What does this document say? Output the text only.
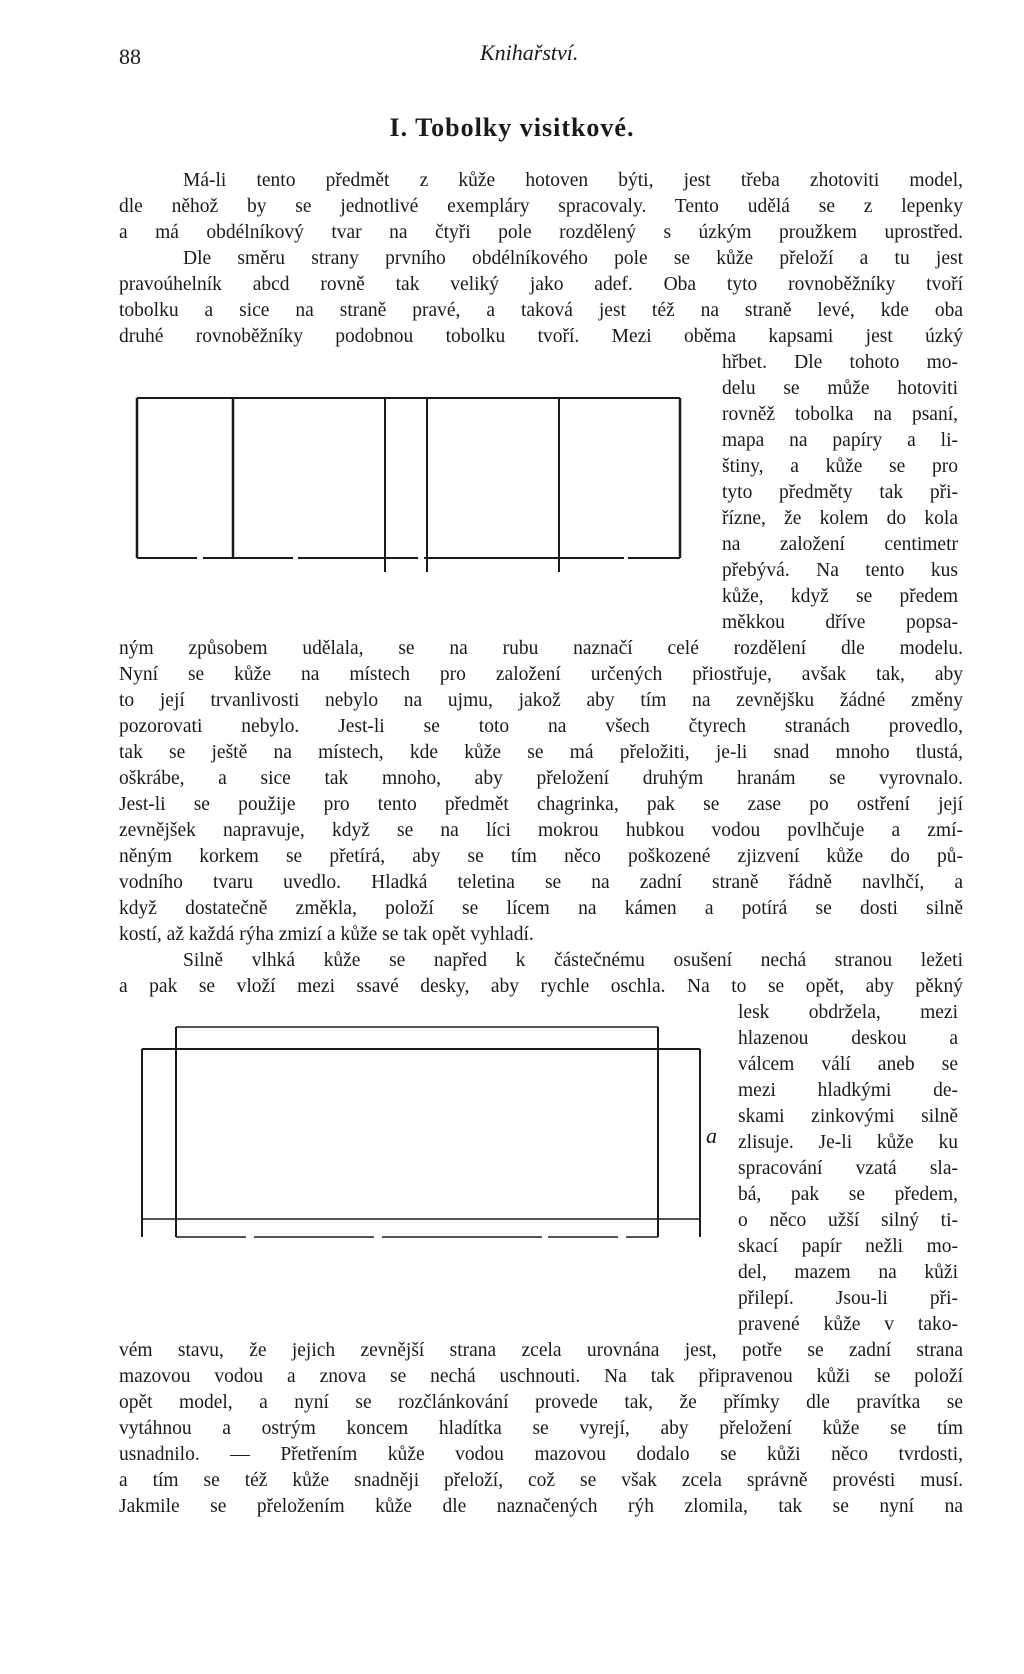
88	Knihařství.
I. Tobolky visitkové.
a
Má-li tento předmět z kůže hotoven býti, jest třeba zhotoviti model,
dle něhož by se jednotlivé exempláry spracovaly. Tento udělá se z lepenky
a má obdélníkový tvar na čtyři pole rozdělený s úzkým proužkem uprostřed.
Dle směru strany prvního obdélníkového pole se kůže přeloží a tu jest
pravoúhelník abcd rovně tak veliký jako adef. Oba tyto rovnoběžníky tvoří
tobolku a sice na straně pravé, a taková jest též na straně levé, kde oba
druhé rovnoběžníky podobnou tobolku tvoří. Mezi oběma kapsami jest úzký
hřbet. Dle tohoto mo-
delu se může hotoviti
rovněž tobolka na psaní,
mapa na papíry a li-
štiny, a kůže se pro
tyto předměty tak při-
řízne, že kolem do kola
na založení centimetr
přebývá. Na tento kus
kůže, když se předem
měkkou dříve popsa-
ným způsobem udělala, se na rubu naznačí celé rozdělení dle modelu.
Nyní se kůže na místech pro založení určených přiostřuje, avšak tak, aby
to její trvanlivosti nebylo na ujmu, jakož aby tím na zevnějšku žádné změny
pozorovati nebylo. Jest-li se toto na všech čtyrech stranách provedlo,
tak se ještě na místech, kde kůže se má přeložiti, je-li snad mnoho tlustá,
oškrábe, a sice tak mnoho, aby přeložení druhým hranám se vyrovnalo.
Jest-li se použije pro tento předmět chagrinka, pak se zase po ostření její
zevnějšek napravuje, když se na líci mokrou hubkou vodou povlhčuje a zmí-
něným korkem se přetírá, aby se tím něco poškozené zjizvení kůže do pů-
vodního tvaru uvedlo. Hladká teletina se na zadní straně řádně navlhčí, a
když dostatečně změkla, položí se lícem na kámen a potírá se dosti silně
kostí, až každá rýha zmizí a kůže se tak opět vyhladí.
Silně vlhká kůže se napřed k částečnému osušení nechá stranou ležeti
a pak se vloží mezi ssavé desky, aby rychle oschla. Na to se opět, aby pěkný
lesk obdržela, mezi
hlazenou deskou a
válcem válí aneb se
mezi hladkými de-
skami zinkovými silně
zlisuje. Je-li kůže ku
spracování vzatá sla-
bá, pak se předem,
o něco užší silný ti-
skací papír nežli mo-
del, mazem na kůži
přilepí. Jsou-li při-
pravené kůže v tako-
vém stavu, že jejich zevnější strana zcela urovnána jest, potře se zadní strana
mazovou vodou a znova se nechá uschnouti. Na tak připravenou kůži se položí
opět model, a nyní se rozčlánkování provede tak, že přímky dle pravítka se
vytáhnou a ostrým koncem hladítka se vyrejí, aby přeložení kůže se tím
usnadnilo. — Přetřením kůže vodou mazovou dodalo se kůži něco tvrdosti,
a tím se též kůže snadněji přeloží, což se však zcela správně provésti musí.
Jakmile se přeložením kůže dle naznačených rýh zlomila, tak se nyní na
